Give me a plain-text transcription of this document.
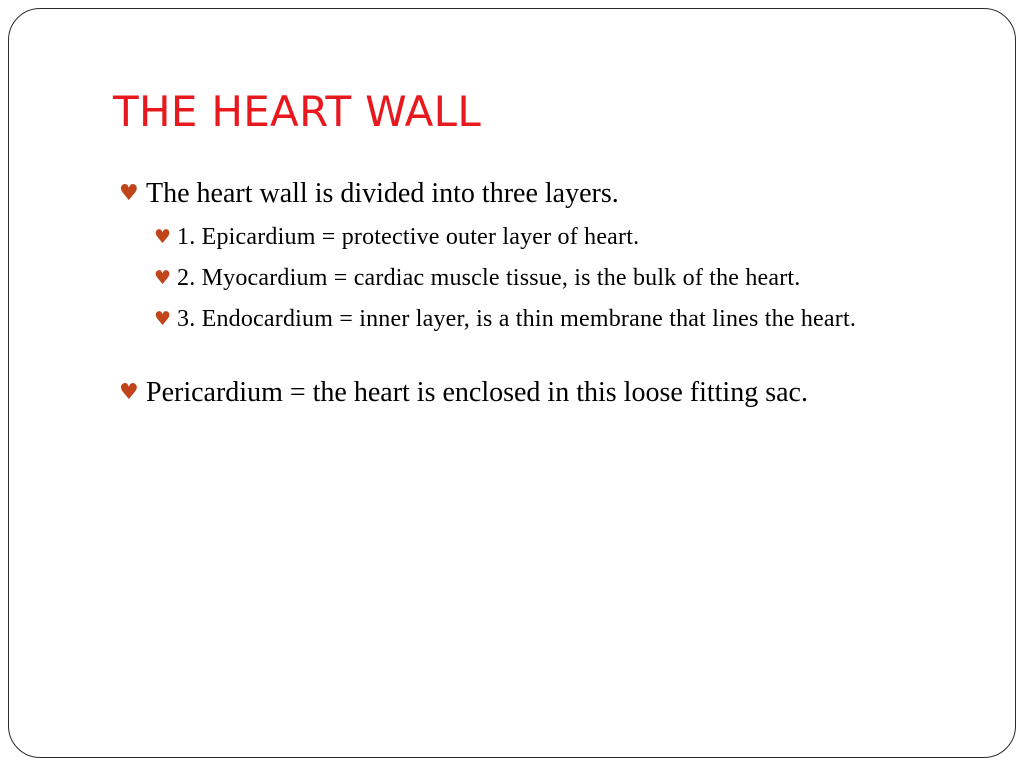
THE HEART WALL
♥ The heart wall is divided into three layers.
♥ 1. Epicardium = protective outer layer of heart.
♥ 2. Myocardium = cardiac muscle tissue, is the bulk of the heart.
♥ 3. Endocardium = inner layer, is a thin membrane that lines the heart.
♥ Pericardium = the heart is enclosed in this loose fitting sac.
